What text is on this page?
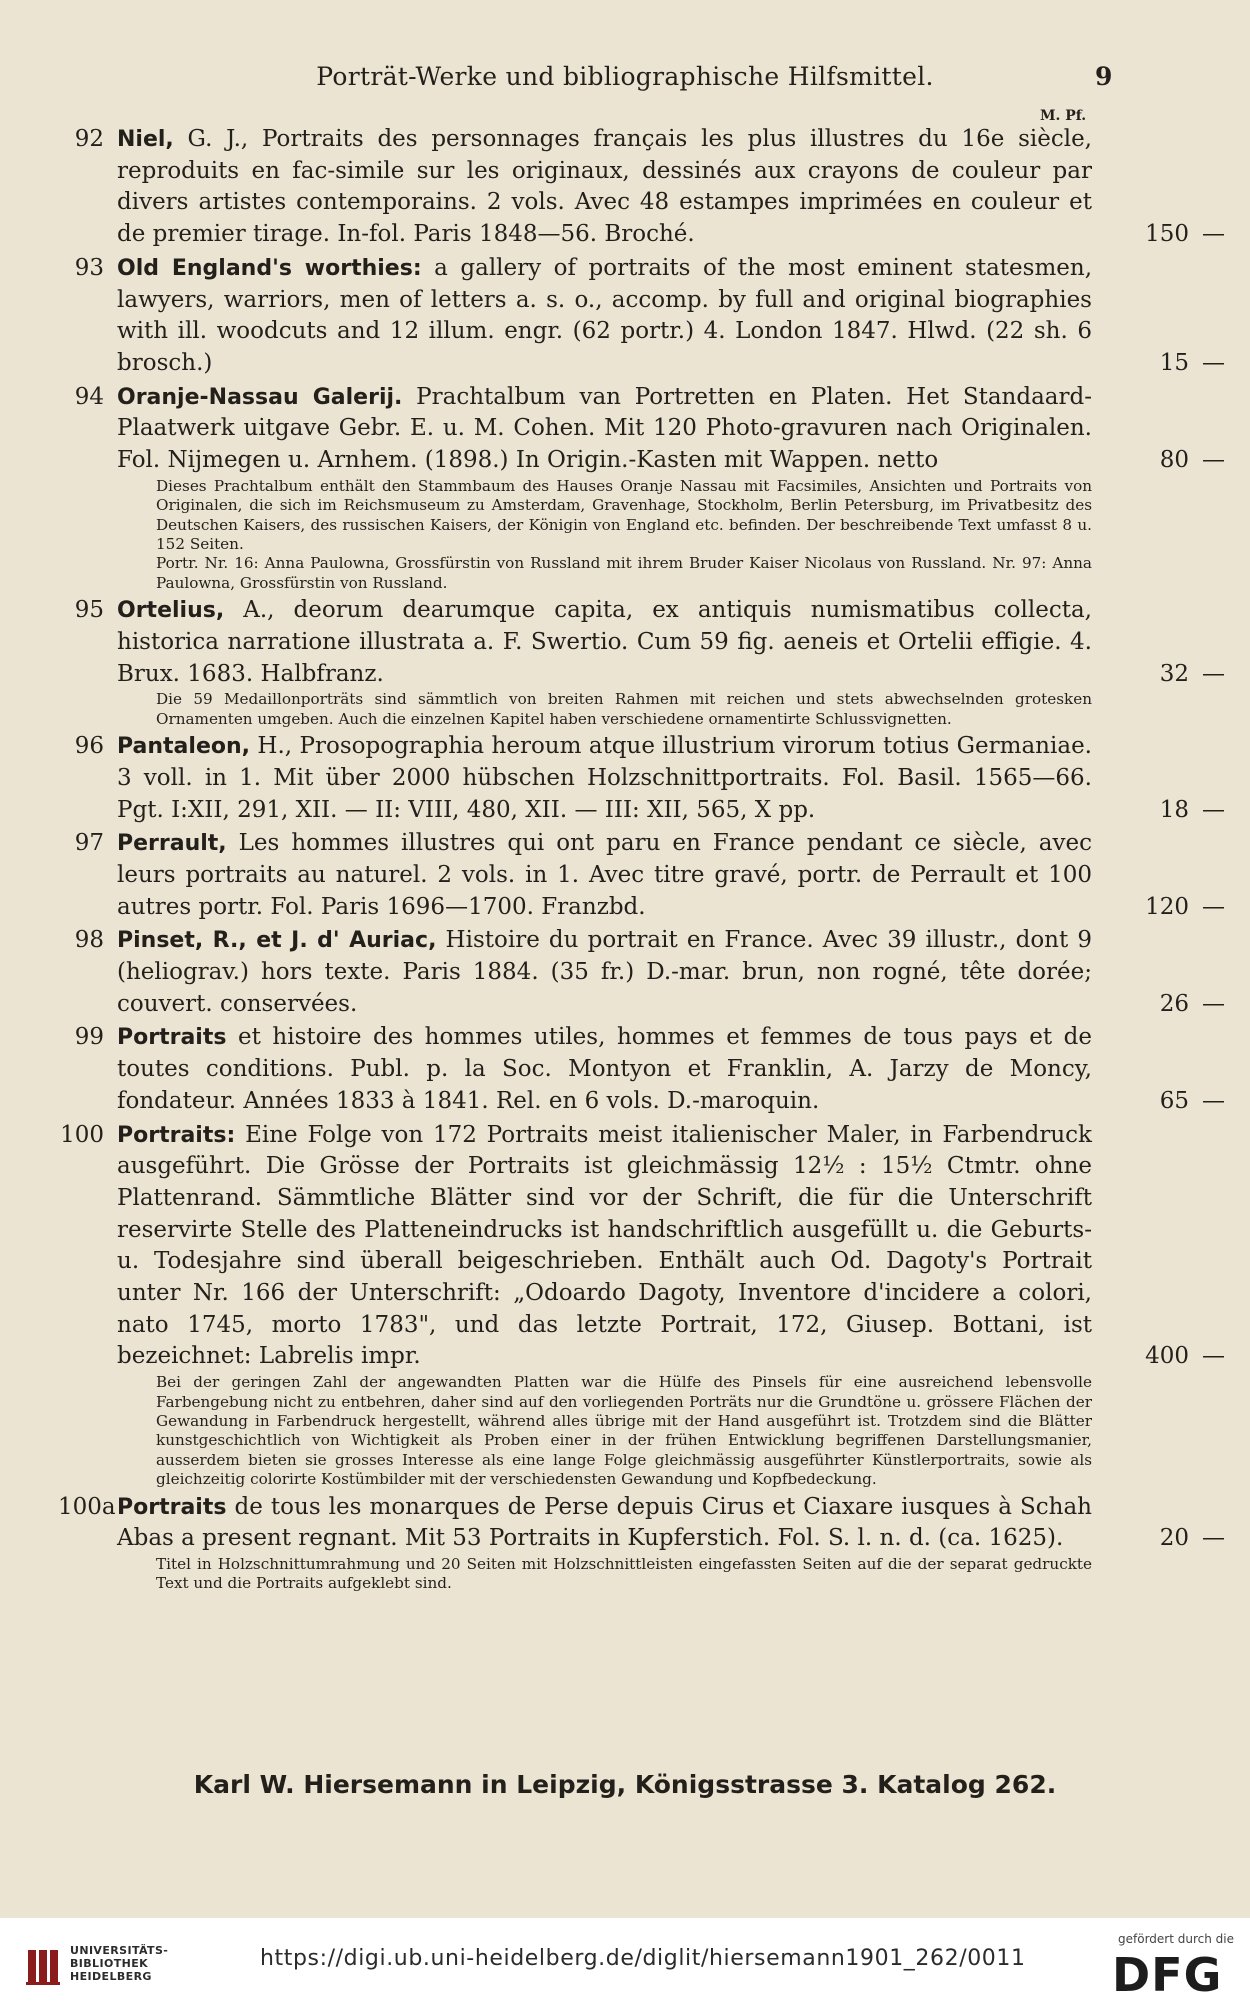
Porträt-Werke und bibliographische Hilfsmittel.	9
M. Pf.
92 Niel, G. J., Portraits des personnages français les plus illustres du 16e siècle, reproduits en fac-simile sur les originaux, dessinés aux crayons de couleur par divers artistes contemporains. 2 vols. Avec 48 estampes imprimées en couleur et de premier tirage. In-fol. Paris 1848—56. Broché.	150 —
93 Old England's worthies: a gallery of portraits of the most eminent statesmen, lawyers, warriors, men of letters a. s. o., accomp. by full and original biographies with ill. woodcuts and 12 illum. engr. (62 portr.) 4. London 1847. Hlwd. (22 sh. 6 brosch.)	15 —
94 Oranje-Nassau Galerij. Prachtalbum van Portretten en Platen. Het Standaard-Plaatwerk uitgave Gebr. E. u. M. Cohen. Mit 120 Photo-gravuren nach Originalen. Fol. Nijmegen u. Arnhem. (1898.) In Origin.-Kasten mit Wappen. netto	80 —
Dieses Prachtalbum enthält den Stammbaum des Hauses Oranje Nassau mit Facsimiles, Ansichten und Portraits von Originalen, die sich im Reichsmuseum zu Amsterdam, Gravenhage, Stockholm, Berlin Petersburg, im Privatbesitz des Deutschen Kaisers, des russischen Kaisers, der Königin von England etc. befinden. Der beschreibende Text umfasst 8 u. 152 Seiten.
Portr. Nr. 16: Anna Paulowna, Grossfürstin von Russland mit ihrem Bruder Kaiser Nicolaus von Russland. Nr. 97: Anna Paulowna, Grossfürstin von Russland.
95 Ortelius, A., deorum dearumque capita, ex antiquis numismatibus collecta, historica narratione illustrata a. F. Swertio. Cum 59 fig. aeneis et Ortelii effigie. 4. Brux. 1683. Halbfranz.	32 —
Die 59 Medaillonporträts sind sämmtlich von breiten Rahmen mit reichen und stets abwechselnden grotesken Ornamenten umgeben. Auch die einzelnen Kapitel haben verschiedene ornamentirte Schlussvignetten.
96 Pantaleon, H., Prosopographia heroum atque illustrium virorum totius Germaniae. 3 voll. in 1. Mit über 2000 hübschen Holzschnittportraits. Fol. Basil. 1565—66. Pgt. I:XII, 291, XII. — II: VIII, 480, XII. — III: XII, 565, X pp.	18 —
97 Perrault, Les hommes illustres qui ont paru en France pendant ce siècle, avec leurs portraits au naturel. 2 vols. in 1. Avec titre gravé, portr. de Perrault et 100 autres portr. Fol. Paris 1696—1700. Franzbd.	120 —
98 Pinset, R., et J. d' Auriac, Histoire du portrait en France. Avec 39 illustr., dont 9 (heliograv.) hors texte. Paris 1884. (35 fr.) D.-mar. brun, non rogné, tête dorée; couvert. conservées.	26 —
99 Portraits et histoire des hommes utiles, hommes et femmes de tous pays et de toutes conditions. Publ. p. la Soc. Montyon et Franklin, A. Jarzy de Moncy, fondateur. Années 1833 à 1841. Rel. en 6 vols. D.-maroquin.	65 —
100 Portraits: Eine Folge von 172 Portraits meist italienischer Maler, in Farbendruck ausgeführt. Die Grösse der Portraits ist gleichmässig 12½ : 15½ Ctmtr. ohne Plattenrand. Sämmtliche Blätter sind vor der Schrift, die für die Unterschrift reservirte Stelle des Platteneindrucks ist handschriftlich ausgefüllt u. die Geburts- u. Todesjahre sind überall beigeschrieben. Enthält auch Od. Dagoty's Portrait unter Nr. 166 der Unterschrift: „Odoardo Dagoty, Inventore d'incidere a colori, nato 1745, morto 1783", und das letzte Portrait, 172, Giusep. Bottani, ist bezeichnet: Labrelis impr.	400 —
Bei der geringen Zahl der angewandten Platten war die Hülfe des Pinsels für eine ausreichend lebensvolle Farbengebung nicht zu entbehren, daher sind auf den vorliegenden Porträts nur die Grundtöne u. grössere Flächen der Gewandung in Farbendruck hergestellt, während alles übrige mit der Hand ausgeführt ist. Trotzdem sind die Blätter kunstgeschichtlich von Wichtigkeit als Proben einer in der frühen Entwicklung begriffenen Darstellungsmanier, ausserdem bieten sie grosses Interesse als eine lange Folge gleichmässig ausgeführter Künstlerportraits, sowie als gleichzeitig colorirte Kostümbilder mit der verschiedensten Gewandung und Kopfbedeckung.
100a Portraits de tous les monarques de Perse depuis Cirus et Ciaxare iusques à Schah Abas a present regnant. Mit 53 Portraits in Kupferstich. Fol. S. l. n. d. (ca. 1625).	20 —
Titel in Holzschnittumrahmung und 20 Seiten mit Holzschnittleisten eingefassten Seiten auf die der separat gedruckte Text und die Portraits aufgeklebt sind.
Karl W. Hiersemann in Leipzig, Königsstrasse 3. Katalog 262.
UNIVERSITÄTS-
BIBLIOTHEK
HEIDELBERG
https://digi.ub.uni-heidelberg.de/diglit/hiersemann1901_262/0011
gefördert durch die
DFG
